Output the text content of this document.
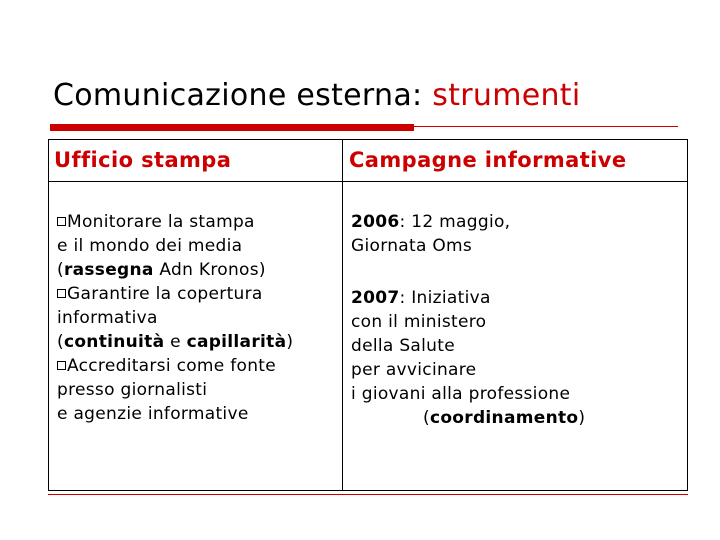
Comunicazione esterna: strumenti
Ufficio stampa	Campagne informative
Monitorare la stampa
e il mondo dei media
(rassegna Adn Kronos)
Garantire la copertura
informativa
(continuità e capillarità)
Accreditarsi come fonte
presso giornalisti
e agenzie informative
2006: 12 maggio,
Giornata Oms
2007: Iniziativa
con il ministero
della Salute
per avvicinare
i giovani alla professione
(coordinamento)
